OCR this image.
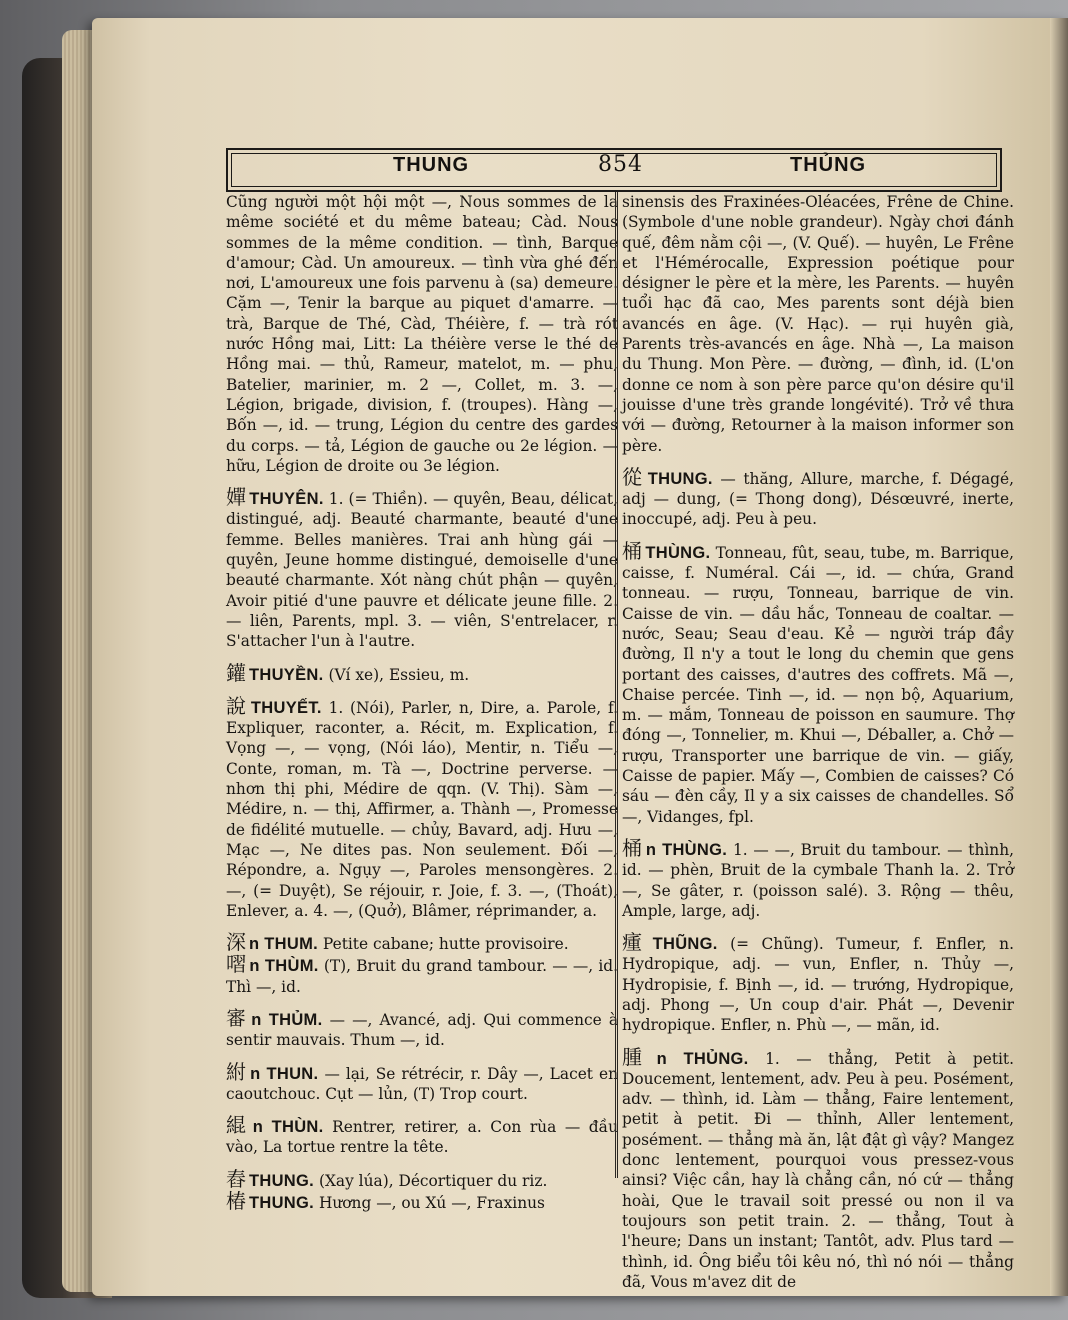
THUNG	854	THỦNG

Cũng người một hội một —, Nous sommes de la même société et du même bateau; Càd. Nous sommes de la même condition. — tình, Barque d'amour; Càd. Un amoureux. — tình vừa ghé đến nơi, L'amoureux une fois parvenu à (sa) demeure. Cặm —, Tenir la barque au piquet d'amarre. — trà, Barque de Thé, Càd, Théière, f. — trà rót nước Hồng mai, Litt: La théière verse le thé de Hồng mai. — thủ, Rameur, matelot, m. — phu, Batelier, marinier, m. 2 —, Collet, m. 3. —, Légion, brigade, division, f. (troupes). Hàng —, Bốn —, id. — trung, Légion du centre des gardes du corps. — tả, Légion de gauche ou 2e légion. — hữu, Légion de droite ou 3e légion.

嬋 THUYÊN. 1. (= Thiền). — quyên, Beau, délicat, distingué, adj. Beauté charmante, beauté d'une femme. Belles manières. Trai anh hùng gái — quyên, Jeune homme distingué, demoiselle d'une beauté charmante. Xót nàng chút phận — quyên, Avoir pitié d'une pauvre et délicate jeune fille. 2. — liên, Parents, mpl. 3. — viên, S'entrelacer, r. S'attacher l'un à l'autre.

鑵 THUYỀN. (Ví xe), Essieu, m.

說 THUYẾT. 1. (Nói), Parler, n, Dire, a. Parole, f. Expliquer, raconter, a. Récit, m. Explication, f. Vọng —, — vọng, (Nói láo), Mentir, n. Tiểu —, Conte, roman, m. Tà —, Doctrine perverse. — nhơn thị phi, Médire de qqn. (V. Thị). Sàm —, Médire, n. — thị, Affirmer, a. Thành —, Promesse de fidélité mutuelle. — chủy, Bavard, adj. Hưu —, Mạc —, Ne dites pas. Non seulement. Đối —, Répondre, a. Ngụy —, Paroles mensongères. 2. —, (= Duyệt), Se réjouir, r. Joie, f. 3. —, (Thoát), Enlever, a. 4. —, (Quở), Blâmer, réprimander, a.

深 n THUM. Petite cabane; hutte provisoire.

㗩 n THÙM. (T), Bruit du grand tambour. — —, id. Thì —, id.

審 n THỦM. — —, Avancé, adj. Qui commence à sentir mauvais. Thum —, id.

紨 n THUN. — lại, Se rétrécir, r. Dây —, Lacet en caoutchouc. Cụt — lủn, (T) Trop court.

緄 n THÙN. Rentrer, retirer, a. Con rùa — đầu vào, La tortue rentre la tête.

舂 THUNG. (Xay lúa), Décortiquer du riz.

椿 THUNG. Hương —, ou Xú —, Fraxinus

sinensis des Fraxinées-Oléacées, Frêne de Chine. (Symbole d'une noble grandeur). Ngày chơi đánh quế, đêm nằm cội —, (V. Quế). — huyên, Le Frêne et l'Hémérocalle, Expression poétique pour désigner le père et la mère, les Parents. — huyên tuổi hạc đã cao, Mes parents sont déjà bien avancés en âge. (V. Hạc). — rụi huyên già, Parents très-avancés en âge. Nhà —, La maison du Thung. Mon Père. — đường, — đình, id. (L'on donne ce nom à son père parce qu'on désire qu'il jouisse d'une très grande longévité). Trở về thưa với — đường, Retourner à la maison informer son père.

從 THUNG. — thăng, Allure, marche, f. Dégagé, adj — dung, (= Thong dong), Désœuvré, inerte, inoccupé, adj. Peu à peu.

桶 THÙNG. Tonneau, fût, seau, tube, m. Barrique, caisse, f. Numéral. Cái —, id. — chứa, Grand tonneau. — rượu, Tonneau, barrique de vin. Caisse de vin. — dầu hắc, Tonneau de coaltar. — nước, Seau; Seau d'eau. Kẻ — người tráp đầy đường, Il n'y a tout le long du chemin que gens portant des caisses, d'autres des coffrets. Mã —, Chaise percée. Tinh —, id. — nọn bộ, Aquarium, m. — mắm, Tonneau de poisson en saumure. Thợ đóng —, Tonnelier, m. Khui —, Déballer, a. Chở — rượu, Transporter une barrique de vin. — giấy, Caisse de papier. Mấy —, Combien de caisses? Có sáu — đèn cầy, Il y a six caisses de chandelles. Sổ —, Vidanges, fpl.

桶 n THÙNG. 1. — —, Bruit du tambour. — thình, id. — phèn, Bruit de la cymbale Thanh la. 2. Trở —, Se gâter, r. (poisson salé). 3. Rộng — thêu, Ample, large, adj.

瘇 THŨNG. (= Chũng). Tumeur, f. Enfler, n. Hydropique, adj. — vun, Enfler, n. Thủy —, Hydropisie, f. Bịnh —, id. — trướng, Hydropique, adj. Phong —, Un coup d'air. Phát —, Devenir hydropique. Enfler, n. Phù —, — mãn, id.

腫 n THỦNG. 1. — thẳng, Petit à petit. Doucement, lentement, adv. Peu à peu. Posément, adv. — thình, id. Làm — thẳng, Faire lentement, petit à petit. Đi — thỉnh, Aller lentement, posément. — thẳng mà ăn, lật đật gì vậy? Mangez donc lentement, pourquoi vous pressez-vous ainsi? Việc cần, hay là chẳng cần, nó cứ — thẳng hoài, Que le travail soit pressé ou non il va toujours son petit train. 2. — thẳng, Tout à l'heure; Dans un instant; Tantôt, adv. Plus tard — thình, id. Ông biểu tôi kêu nó, thì nó nói — thẳng đã, Vous m'avez dit de
